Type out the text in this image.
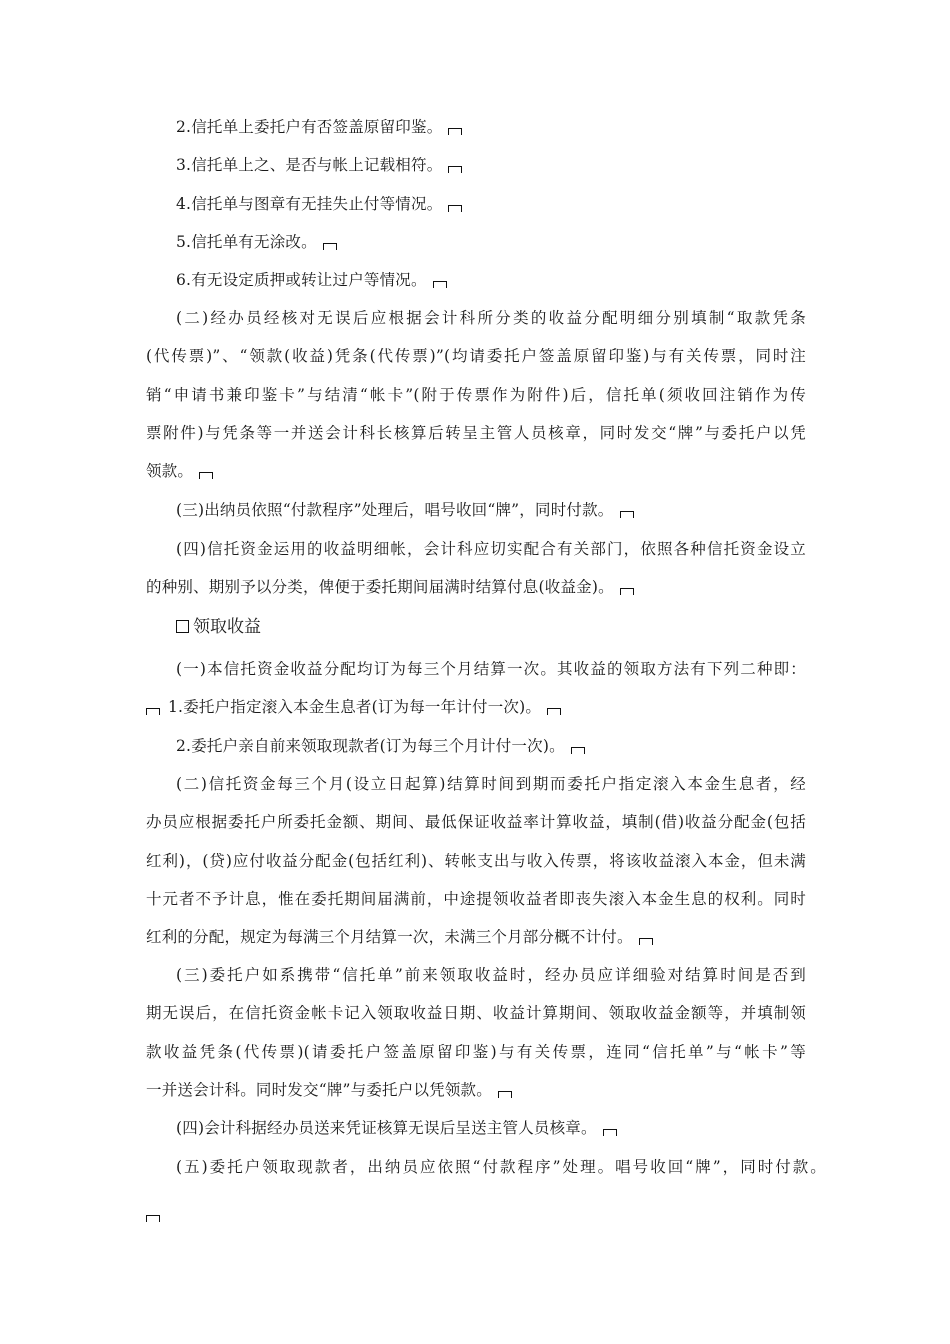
2.信托单上委托户有否签盖原留印鉴。
3.信托单上之、是否与帐上记载相符。
4.信托单与图章有无挂失止付等情况。
5.信托单有无涂改。
6.有无设定质押或转让过户等情况。
(二)经办员经核对无误后应根据会计科所分类的收益分配明细分别填制“取款凭条
(代传票)”、“领款(收益)凭条(代传票)”(均请委托户签盖原留印鉴)与有关传票，同时注
销“申请书兼印鉴卡”与结清“帐卡”(附于传票作为附件)后，信托单(须收回注销作为传
票附件)与凭条等一并送会计科长核算后转呈主管人员核章，同时发交“牌”与委托户以凭
领款。
(三)出纳员依照“付款程序”处理后，唱号收回“牌”，同时付款。
(四)信托资金运用的收益明细帐，会计科应切实配合有关部门，依照各种信托资金设立
的种别、期别予以分类，俾便于委托期间届满时结算付息(收益金)。
领取收益
(一)本信托资金收益分配均订为每三个月结算一次。其收益的领取方法有下列二种即：
1.委托户指定滚入本金生息者(订为每一年计付一次)。
2.委托户亲自前来领取现款者(订为每三个月计付一次)。
(二)信托资金每三个月(设立日起算)结算时间到期而委托户指定滚入本金生息者，经
办员应根据委托户所委托金额、期间、最低保证收益率计算收益，填制(借)收益分配金(包括
红利)，(贷)应付收益分配金(包括红利)、转帐支出与收入传票，将该收益滚入本金，但未满
十元者不予计息，惟在委托期间届满前，中途提领收益者即丧失滚入本金生息的权利。同时
红利的分配，规定为每满三个月结算一次，未满三个月部分概不计付。
(三)委托户如系携带“信托单”前来领取收益时，经办员应详细验对结算时间是否到
期无误后，在信托资金帐卡记入领取收益日期、收益计算期间、领取收益金额等，并填制领
款收益凭条(代传票)(请委托户签盖原留印鉴)与有关传票，连同“信托单”与“帐卡”等
一并送会计科。同时发交“牌”与委托户以凭领款。
(四)会计科据经办员送来凭证核算无误后呈送主管人员核章。
(五)委托户领取现款者，出纳员应依照“付款程序”处理。唱号收回“牌”，同时付款。
